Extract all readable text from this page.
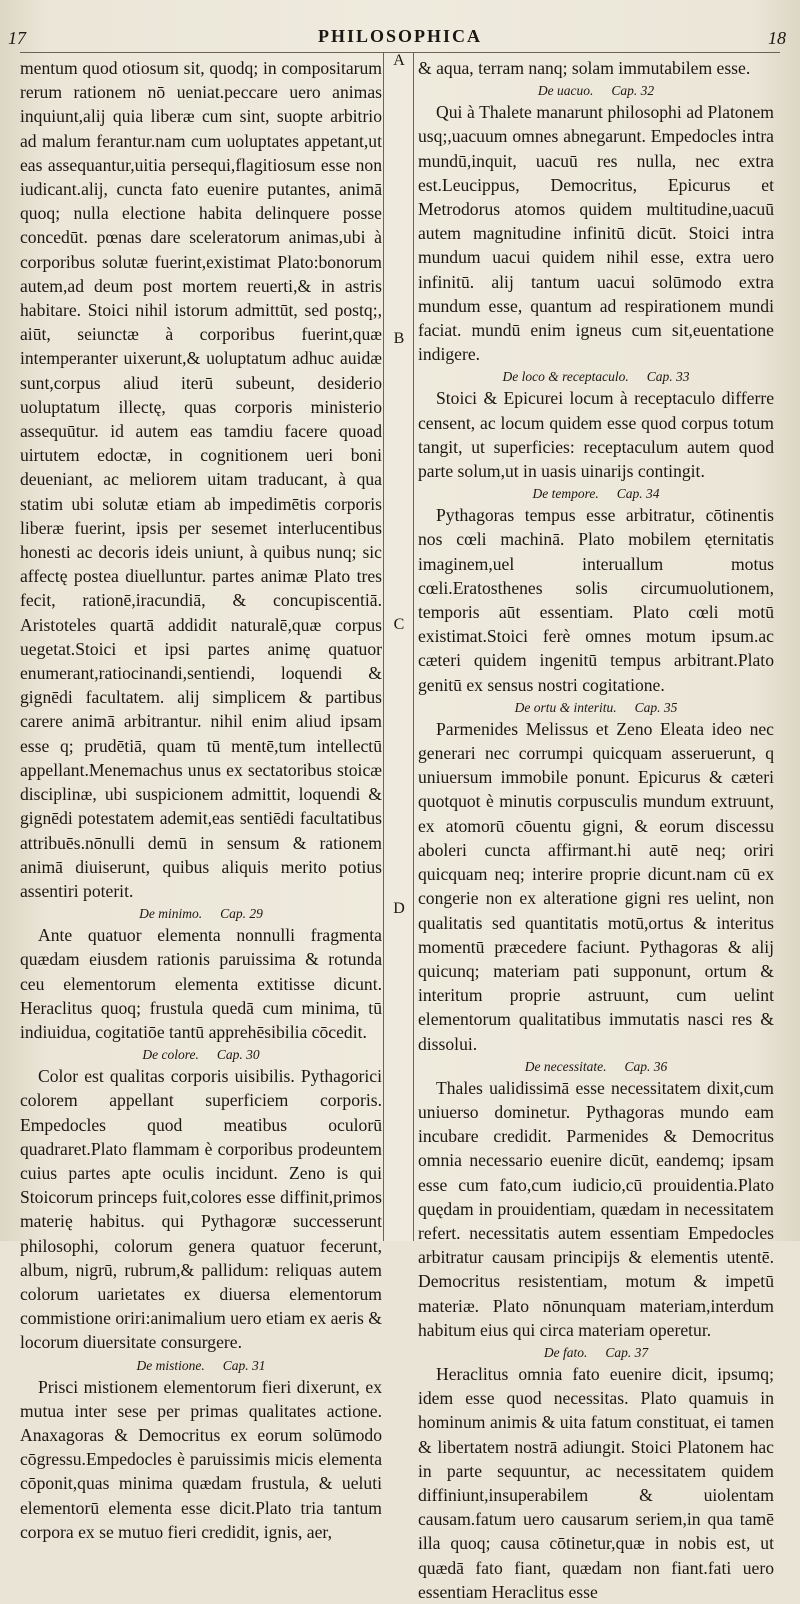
17	PHILOSOPHICA	18
A
B
C
D

mentum quod otiosum sit, quodq; in compositarum rerum rationem nō ueniat.peccare uero animas inquiunt,alij quia liberæ cum sint, suopte arbitrio ad malum ferantur.nam cum uoluptates appetant,ut eas assequantur,uitia persequi,flagitiosum esse non iudicant.alij, cuncta fato euenire putantes, animā quoq; nulla electione habita delinquere posse concedūt. pœnas dare sceleratorum animas,ubi à corporibus solutæ fuerint,existimat Plato:bonorum autem,ad deum post mortem reuerti,& in astris habitare. Stoici nihil istorum admittūt, sed postq;, aiūt, seiunctæ à corporibus fuerint,quæ intemperanter uixerunt,& uoluptatum adhuc auidæ sunt,corpus aliud iterū subeunt, desiderio uoluptatum illectę, quas corporis ministerio assequūtur. id autem eas tamdiu facere quoad uirtutem edoctæ, in cognitionem ueri boni deueniant, ac meliorem uitam traducant, à qua statim ubi solutæ etiam ab impedimētis corporis liberæ fuerint, ipsis per sesemet interlucentibus honesti ac decoris ideis uniunt, à quibus nunq; sic affectę postea diuelluntur. partes animæ Plato tres fecit, rationē,iracundiā, & concupiscentiā. Aristoteles quartā addidit naturalē,quæ corpus uegetat.Stoici et ipsi partes animę quatuor enumerant,ratiocinandi,sentiendi, loquendi & gignēdi facultatem. alij simplicem & partibus carere animā arbitrantur. nihil enim aliud ipsam esse q; prudētiā, quam tū mentē,tum intellectū appellant.Menemachus unus ex sectatoribus stoicæ disciplinæ, ubi suspicionem admittit, loquendi & gignēdi potestatem ademit,eas sentiēdi facultatibus attribuēs.nōnulli demū in sensum & rationem animā diuiserunt, quibus aliquis merito potius assentiri poterit.

De minimo. Cap. 29

Ante quatuor elementa nonnulli fragmenta quædam eiusdem rationis paruissima & rotunda ceu elementorum elementa extitisse dicunt. Heraclitus quoq; frustula quedā cum minima, tū indiuidua, cogitatiōe tantū apprehēsibilia cōcedit.

De colore. Cap. 30

Color est qualitas corporis uisibilis. Pythagorici colorem appellant superficiem corporis. Empedocles quod meatibus oculorū quadraret.Plato flammam è corporibus prodeuntem cuius partes apte oculis incidunt. Zeno is qui Stoicorum princeps fuit,colores esse diffinit,primos materię habitus. qui Pythagoræ successerunt philosophi, colorum genera quatuor fecerunt, album, nigrū, rubrum,& pallidum: reliquas autem colorum uarietates ex diuersa elementorum commistione oriri:animalium uero etiam ex aeris & locorum diuersitate consurgere.

De mistione. Cap. 31

Prisci mistionem elementorum fieri dixerunt, ex mutua inter sese per primas qualitates actione. Anaxagoras & Democritus ex eorum solūmodo cōgressu.Empedocles è paruissimis micis elementa cōponit,quas minima quædam frustula, & ueluti elementorū elementa esse dicit.Plato tria tantum corpora ex se mutuo fieri credidit, ignis, aer,

& aqua, terram nanq; solam immutabilem esse.

De uacuo. Cap. 32

Qui à Thalete manarunt philosophi ad Platonem usq;,uacuum omnes abnegarunt. Empedocles intra mundū,inquit, uacuū res nulla, nec extra est.Leucippus, Democritus, Epicurus et Metrodorus atomos quidem multitudine,uacuū autem magnitudine infinitū dicūt. Stoici intra mundum uacui quidem nihil esse, extra uero infinitū. alij tantum uacui solūmodo extra mundum esse, quantum ad respirationem mundi faciat. mundū enim igneus cum sit,euentatione indigere.

De loco & receptaculo. Cap. 33

Stoici & Epicurei locum à receptaculo differre censent, ac locum quidem esse quod corpus totum tangit, ut superficies: receptaculum autem quod parte solum,ut in uasis uinarijs contingit.

De tempore. Cap. 34

Pythagoras tempus esse arbitratur, cōtinentis nos cœli machinā. Plato mobilem ęternitatis imaginem,uel interuallum motus cœli.Eratosthenes solis circumuolutionem, temporis aūt essentiam. Plato cœli motū existimat.Stoici ferè omnes motum ipsum.ac cæteri quidem ingenitū tempus arbitrant.Plato genitū ex sensus nostri cogitatione.

De ortu & interitu. Cap. 35

Parmenides Melissus et Zeno Eleata ideo nec generari nec corrumpi quicquam asseruerunt, q uniuersum immobile ponunt. Epicurus & cæteri quotquot è minutis corpusculis mundum extruunt, ex atomorū cōuentu gigni, & eorum discessu aboleri cuncta affirmant.hi autē neq; oriri quicquam neq; interire proprie dicunt.nam cū ex congerie non ex alteratione gigni res uelint, non qualitatis sed quantitatis motū,ortus & interitus momentū præcedere faciunt. Pythagoras & alij quicunq; materiam pati supponunt, ortum & interitum proprie astruunt, cum uelint elementorum qualitatibus immutatis nasci res & dissolui.

De necessitate. Cap. 36

Thales ualidissimā esse necessitatem dixit,cum uniuerso dominetur. Pythagoras mundo eam incubare credidit. Parmenides & Democritus omnia necessario euenire dicūt, eandemq; ipsam esse cum fato,cum iudicio,cū prouidentia.Plato quędam in prouidentiam, quædam in necessitatem refert. necessitatis autem essentiam Empedocles arbitratur causam principijs & elementis utentē. Democritus resistentiam, motum & impetū materiæ. Plato nōnunquam materiam,interdum habitum eius qui circa materiam operetur.

De fato. Cap. 37

Heraclitus omnia fato euenire dicit, ipsumq; idem esse quod necessitas. Plato quamuis in hominum animis & uita fatum constituat, ei tamen & libertatem nostrā adiungit. Stoici Platonem hac in parte sequuntur, ac necessitatem quidem diffiniunt,insuperabilem & uiolentam causam.fatum uero causarum seriem,in qua tamē illa quoq; causa cōtinetur,quæ in nobis est, ut quædā fato fiant, quædam non fiant.fati uero essentiam Heraclitus esse
